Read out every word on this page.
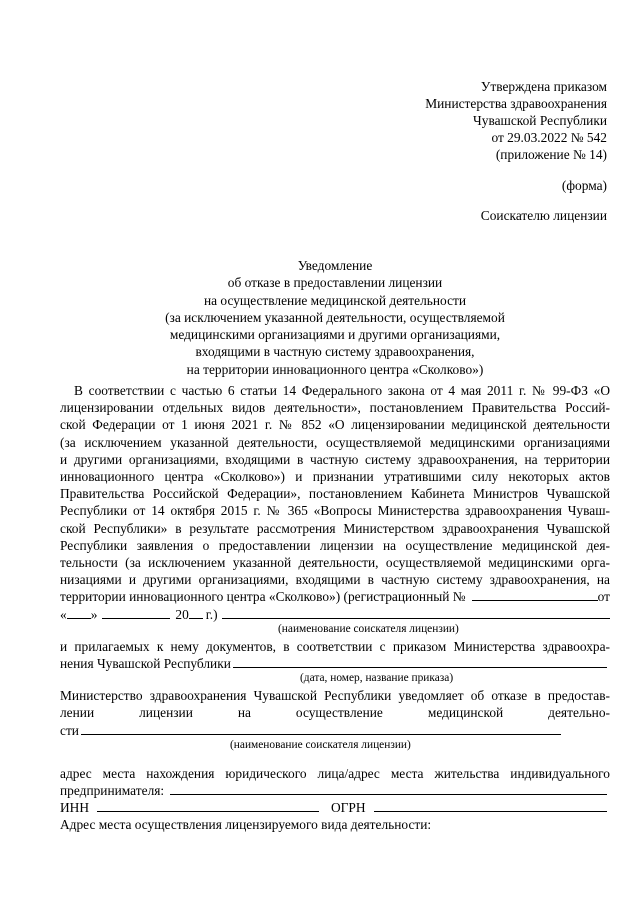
Утверждена приказом
Министерства здравоохранения
Чувашской Республики
от 29.03.2022 № 542
(приложение № 14)
(форма)
Соискателю лицензии
Уведомление
об отказе в предоставлении лицензии
на осуществление медицинской деятельности
(за исключением указанной деятельности, осуществляемой
медицинскими организациями и другими организациями,
входящими в частную систему здравоохранения,
на территории инновационного центра «Сколково»)
В соответствии с частью 6 статьи 14 Федерального закона от 4 мая 2011 г. № 99-ФЗ «О
лицензировании отдельных видов деятельности», постановлением Правительства Россий-
ской Федерации от 1 июня 2021 г. № 852 «О лицензировании медицинской деятельности
(за исключением указанной деятельности, осуществляемой медицинскими организациями
и другими организациями, входящими в частную систему здравоохранения, на территории
инновационного центра «Сколково») и признании утратившими силу некоторых актов
Правительства Российской Федерации», постановлением Кабинета Министров Чувашской
Республики от 14 октября 2015 г. № 365 «Вопросы Министерства здравоохранения Чуваш-
ской Республики» в результате рассмотрения Министерством здравоохранения Чувашской
Республики заявления о предоставлении лицензии на осуществление медицинской дея-
тельности (за исключением указанной деятельности, осуществляемой медицинскими орга-
низациями и другими организациями, входящими в частную систему здравоохранения, на
территории инновационного центра «Сколково») (регистрационный №	от
« »	20 г.)
(наименование соискателя лицензии)
и прилагаемых к нему документов, в соответствии с приказом Министерства здравоохра-
нения Чувашской Республики
(дата, номер, название приказа)
Министерство здравоохранения Чувашской Республики уведомляет об отказе в предостав-
лении лицензии на осуществление медицинской деятельно-
сти
(наименование соискателя лицензии)
адрес места нахождения юридического лица/адрес места жительства индивидуального
предпринимателя:
ИНН	ОГРН
Адрес места осуществления лицензируемого вида деятельности:
